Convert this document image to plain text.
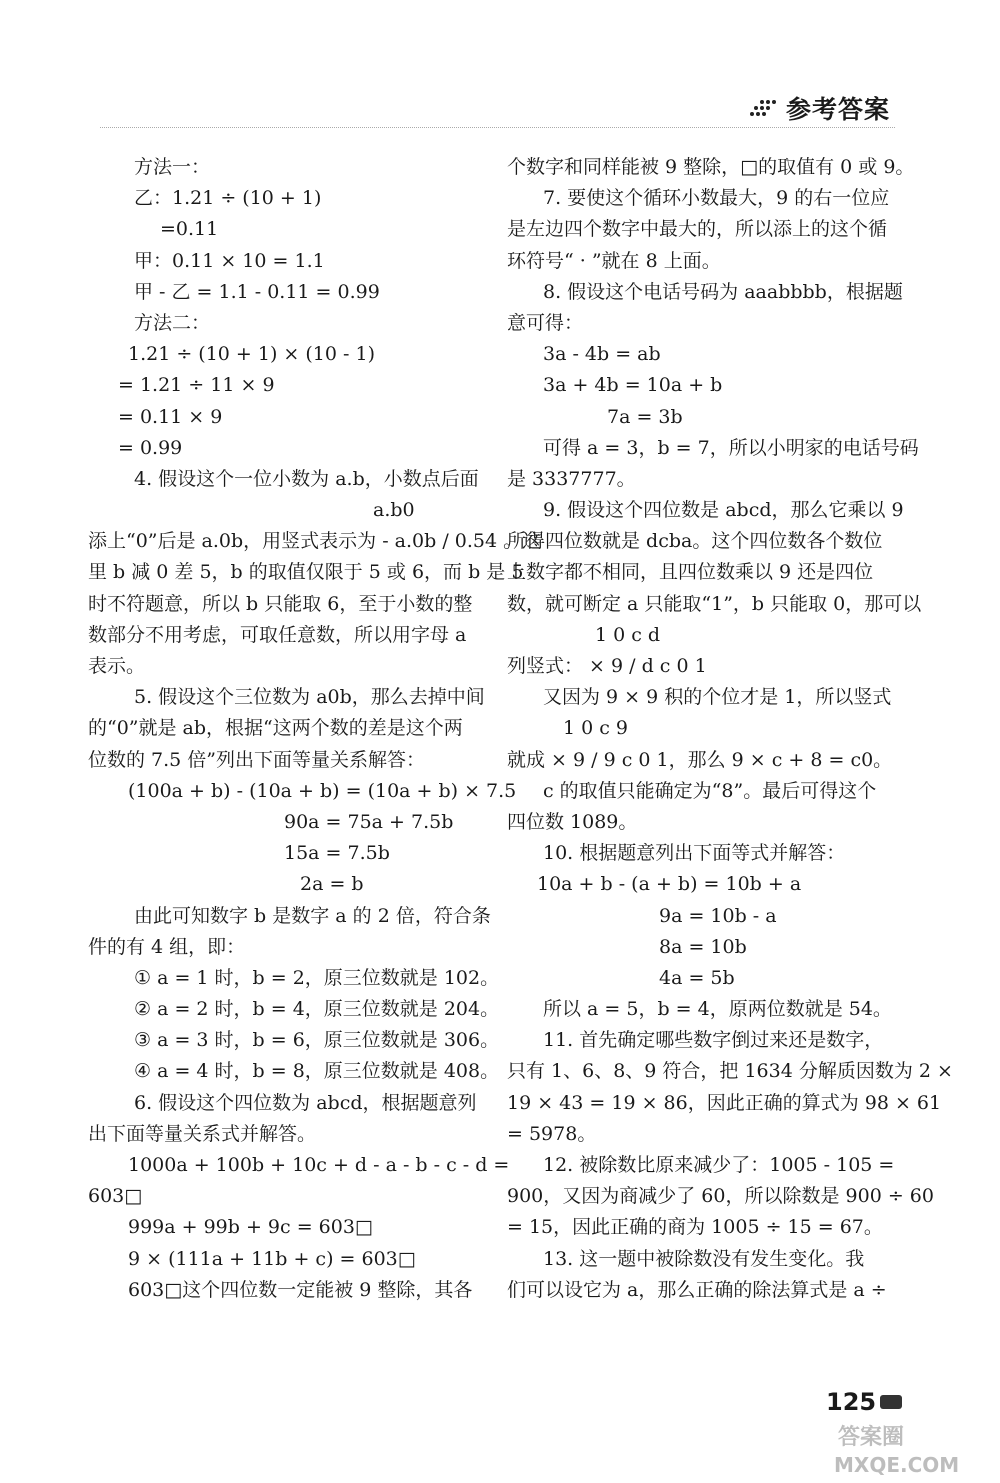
参考答案
方法一：
乙：1.21 ÷ (10 + 1)
=0.11
甲：0.11 × 10 = 1.1
甲 - 乙 = 1.1 - 0.11 = 0.99
方法二：
1.21 ÷ (10 + 1) × (10 - 1)
= 1.21 ÷ 11 × 9
= 0.11 × 9
= 0.99
4. 假设这个一位小数为 a.b，小数点后面
a.b0
添上“0”后是 a.0b，用竖式表示为 - a.0b / 0.54 。这
里 b 减 0 差 5，b 的取值仅限于 5 或 6，而 b 是 5
时不符题意，所以 b 只能取 6，至于小数的整
数部分不用考虑，可取任意数，所以用字母 a
表示。
5. 假设这个三位数为 a0b，那么去掉中间
的“0”就是 ab，根据“这两个数的差是这个两
位数的 7.5 倍”列出下面等量关系解答：
(100a + b) - (10a + b) = (10a + b) × 7.5
90a = 75a + 7.5b
15a = 7.5b
2a = b
由此可知数字 b 是数字 a 的 2 倍，符合条
件的有 4 组，即：
① a = 1 时，b = 2，原三位数就是 102。
② a = 2 时，b = 4，原三位数就是 204。
③ a = 3 时，b = 6，原三位数就是 306。
④ a = 4 时，b = 8，原三位数就是 408。
6. 假设这个四位数为 abcd，根据题意列
出下面等量关系式并解答。
1000a + 100b + 10c + d - a - b - c - d =
603□
999a + 99b + 9c = 603□
9 × (111a + 11b + c) = 603□
603□这个四位数一定能被 9 整除，其各
个数字和同样能被 9 整除，□的取值有 0 或 9。
7. 要使这个循环小数最大，9 的右一位应
是左边四个数字中最大的，所以添上的这个循
环符号“ · ”就在 8 上面。
8. 假设这个电话号码为 aaabbbb，根据题
意可得：
3a - 4b = ab
3a + 4b = 10a + b
7a = 3b
可得 a = 3，b = 7，所以小明家的电话号码
是 3337777。
9. 假设这个四位数是 abcd，那么它乘以 9
所得四位数就是 dcba。这个四位数各个数位
上数字都不相同，且四位数乘以 9 还是四位
数，就可断定 a 只能取“1”，b 只能取 0，那可以
1 0 c d
列竖式： × 9 / d c 0 1
又因为 9 × 9 积的个位才是 1，所以竖式
1 0 c 9
就成 × 9 / 9 c 0 1，那么 9 × c + 8 = c0。
c 的取值只能确定为“8”。最后可得这个
四位数 1089。
10. 根据题意列出下面等式并解答：
10a + b - (a + b) = 10b + a
9a = 10b - a
8a = 10b
4a = 5b
所以 a = 5，b = 4，原两位数就是 54。
11. 首先确定哪些数字倒过来还是数字，
只有 1、6、8、9 符合，把 1634 分解质因数为 2 ×
19 × 43 = 19 × 86，因此正确的算式为 98 × 61
= 5978。
12. 被除数比原来减少了：1005 - 105 =
900，又因为商减少了 60，所以除数是 900 ÷ 60
= 15，因此正确的商为 1005 ÷ 15 = 67。
13. 这一题中被除数没有发生变化。我
们可以设它为 a，那么正确的除法算式是 a ÷
125
答案圈
MXQE.COM
